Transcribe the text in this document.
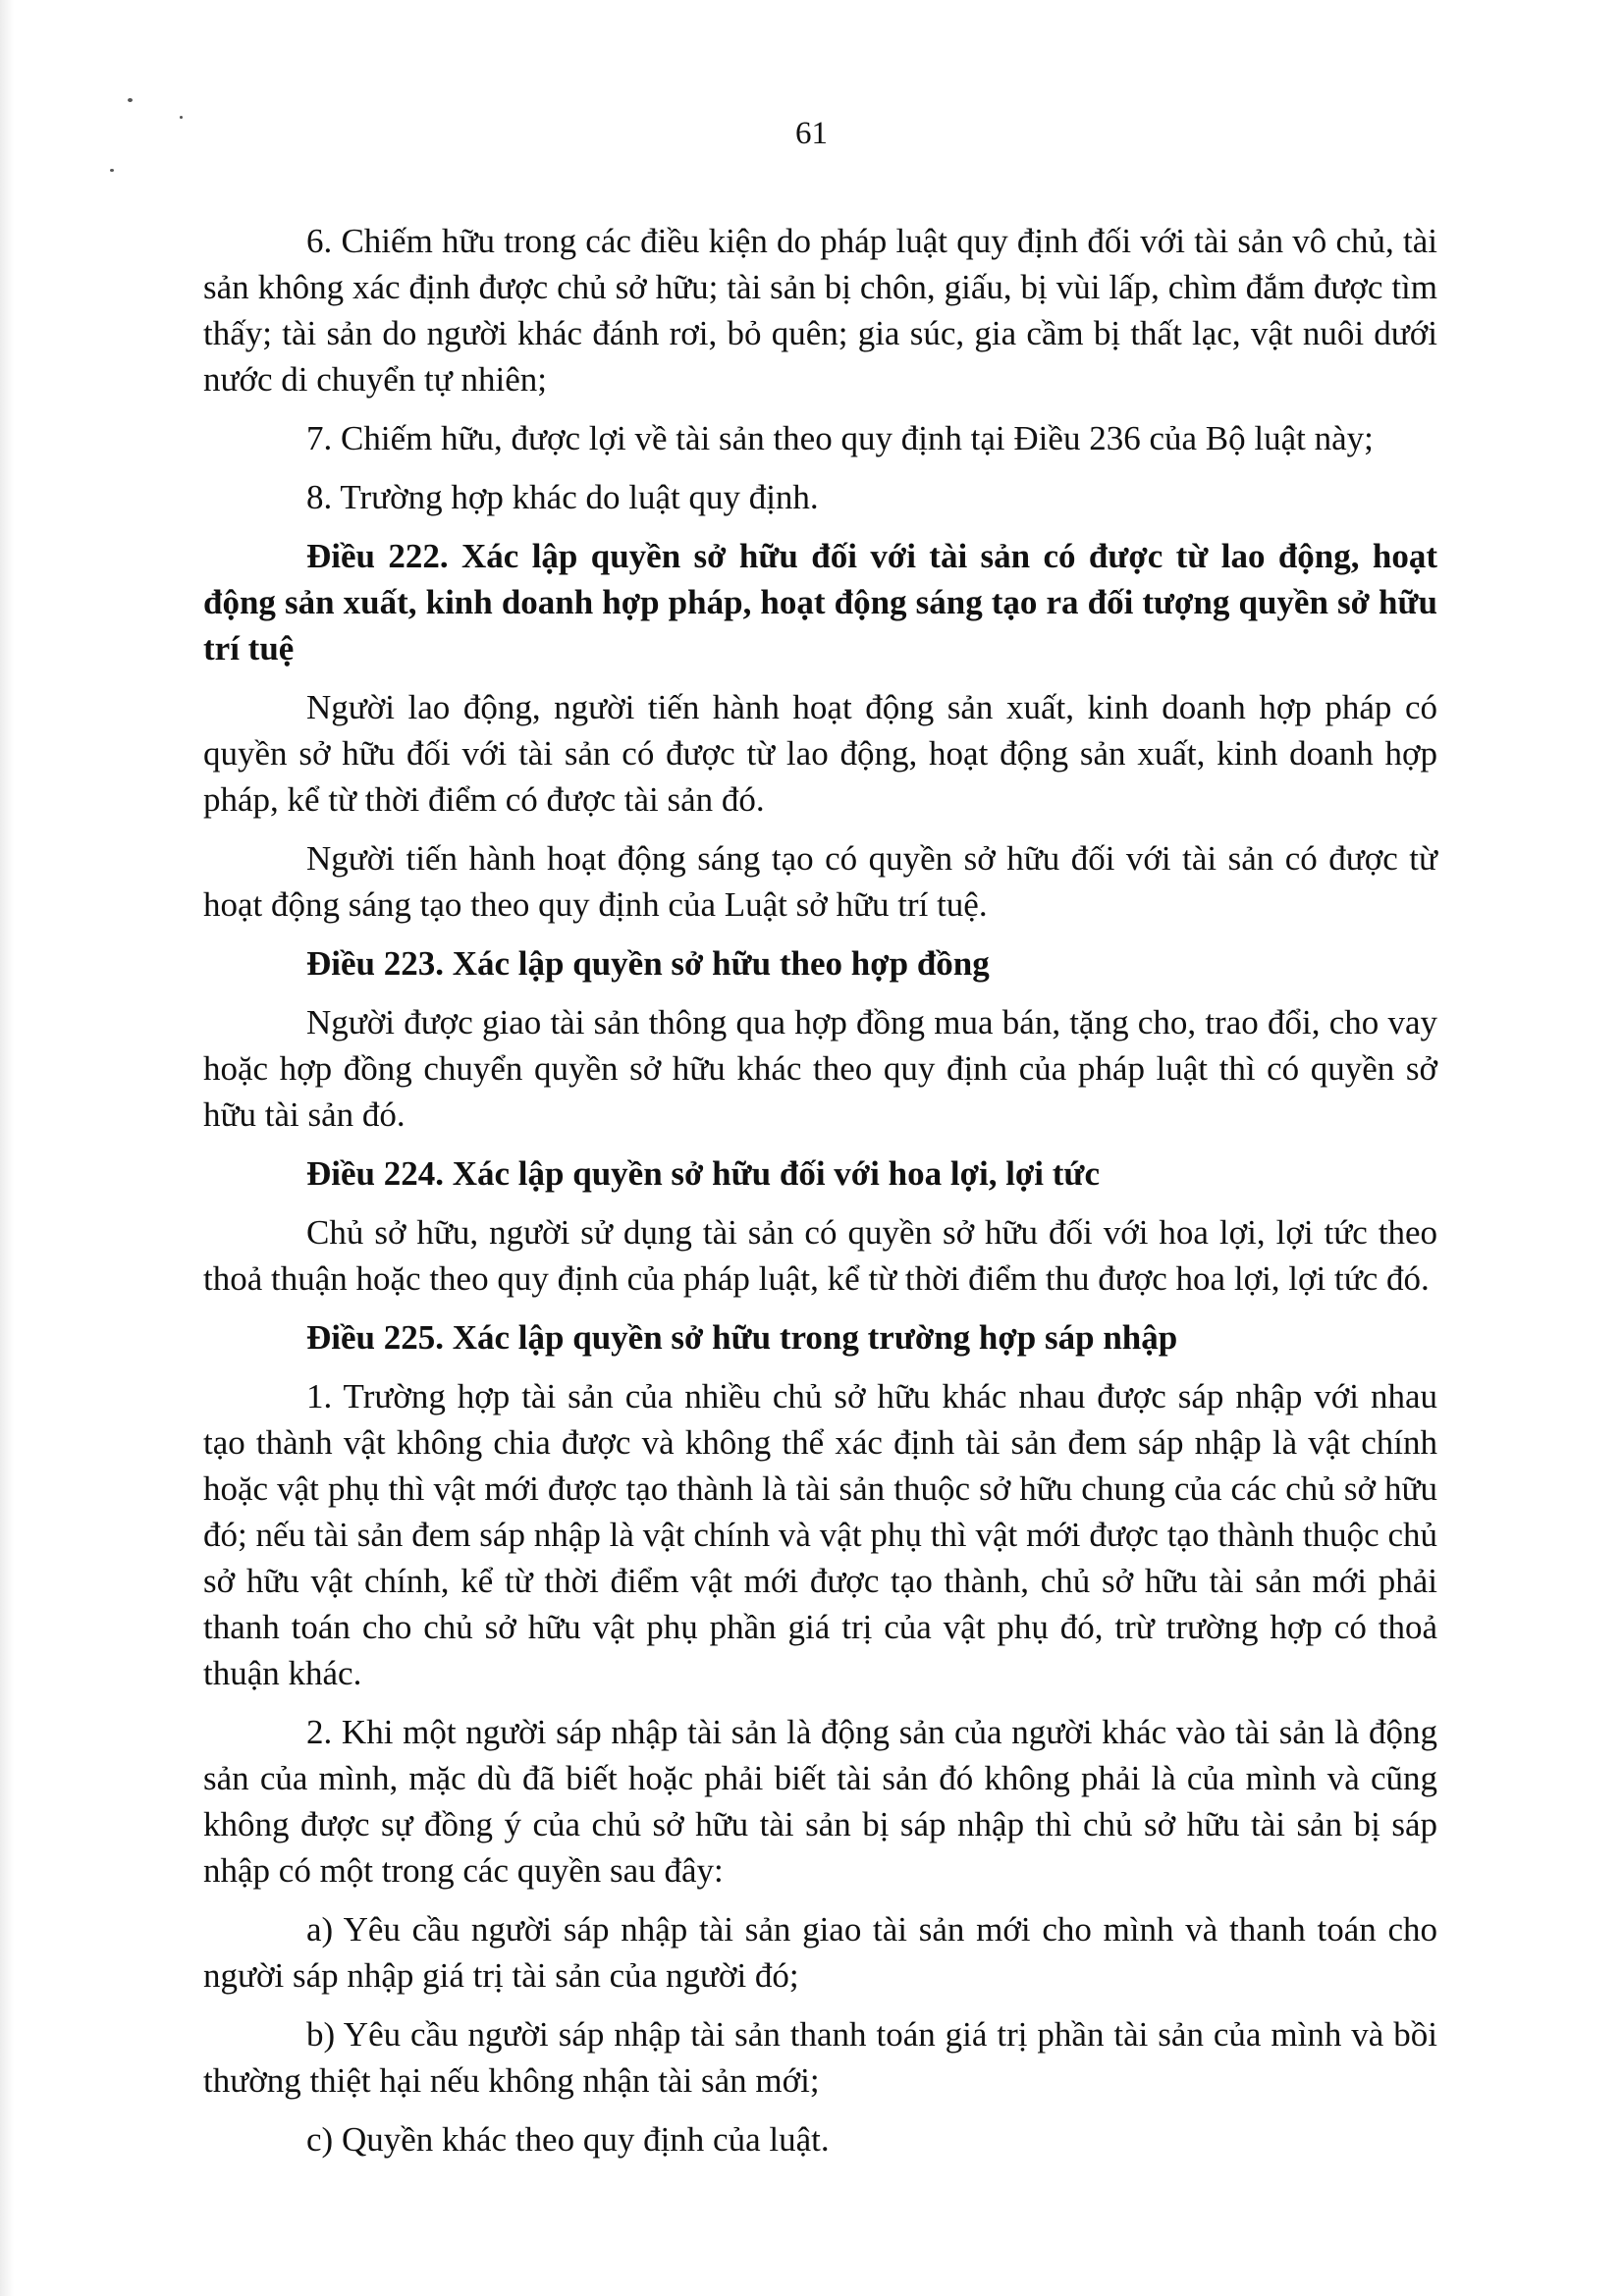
61

6. Chiếm hữu trong các điều kiện do pháp luật quy định đối với tài sản vô chủ, tài sản không xác định được chủ sở hữu; tài sản bị chôn, giấu, bị vùi lấp, chìm đắm được tìm thấy; tài sản do người khác đánh rơi, bỏ quên; gia súc, gia cầm bị thất lạc, vật nuôi dưới nước di chuyển tự nhiên;

7. Chiếm hữu, được lợi về tài sản theo quy định tại Điều 236 của Bộ luật này;

8. Trường hợp khác do luật quy định.

Điều 222. Xác lập quyền sở hữu đối với tài sản có được từ lao động, hoạt động sản xuất, kinh doanh hợp pháp, hoạt động sáng tạo ra đối tượng quyền sở hữu trí tuệ

Người lao động, người tiến hành hoạt động sản xuất, kinh doanh hợp pháp có quyền sở hữu đối với tài sản có được từ lao động, hoạt động sản xuất, kinh doanh hợp pháp, kể từ thời điểm có được tài sản đó.

Người tiến hành hoạt động sáng tạo có quyền sở hữu đối với tài sản có được từ hoạt động sáng tạo theo quy định của Luật sở hữu trí tuệ.

Điều 223. Xác lập quyền sở hữu theo hợp đồng

Người được giao tài sản thông qua hợp đồng mua bán, tặng cho, trao đổi, cho vay hoặc hợp đồng chuyển quyền sở hữu khác theo quy định của pháp luật thì có quyền sở hữu tài sản đó.

Điều 224. Xác lập quyền sở hữu đối với hoa lợi, lợi tức

Chủ sở hữu, người sử dụng tài sản có quyền sở hữu đối với hoa lợi, lợi tức theo thoả thuận hoặc theo quy định của pháp luật, kể từ thời điểm thu được hoa lợi, lợi tức đó.

Điều 225. Xác lập quyền sở hữu trong trường hợp sáp nhập

1. Trường hợp tài sản của nhiều chủ sở hữu khác nhau được sáp nhập với nhau tạo thành vật không chia được và không thể xác định tài sản đem sáp nhập là vật chính hoặc vật phụ thì vật mới được tạo thành là tài sản thuộc sở hữu chung của các chủ sở hữu đó; nếu tài sản đem sáp nhập là vật chính và vật phụ thì vật mới được tạo thành thuộc chủ sở hữu vật chính, kể từ thời điểm vật mới được tạo thành, chủ sở hữu tài sản mới phải thanh toán cho chủ sở hữu vật phụ phần giá trị của vật phụ đó, trừ trường hợp có thoả thuận khác.

2. Khi một người sáp nhập tài sản là động sản của người khác vào tài sản là động sản của mình, mặc dù đã biết hoặc phải biết tài sản đó không phải là của mình và cũng không được sự đồng ý của chủ sở hữu tài sản bị sáp nhập thì chủ sở hữu tài sản bị sáp nhập có một trong các quyền sau đây:

a) Yêu cầu người sáp nhập tài sản giao tài sản mới cho mình và thanh toán cho người sáp nhập giá trị tài sản của người đó;

b) Yêu cầu người sáp nhập tài sản thanh toán giá trị phần tài sản của mình và bồi thường thiệt hại nếu không nhận tài sản mới;

c) Quyền khác theo quy định của luật.
